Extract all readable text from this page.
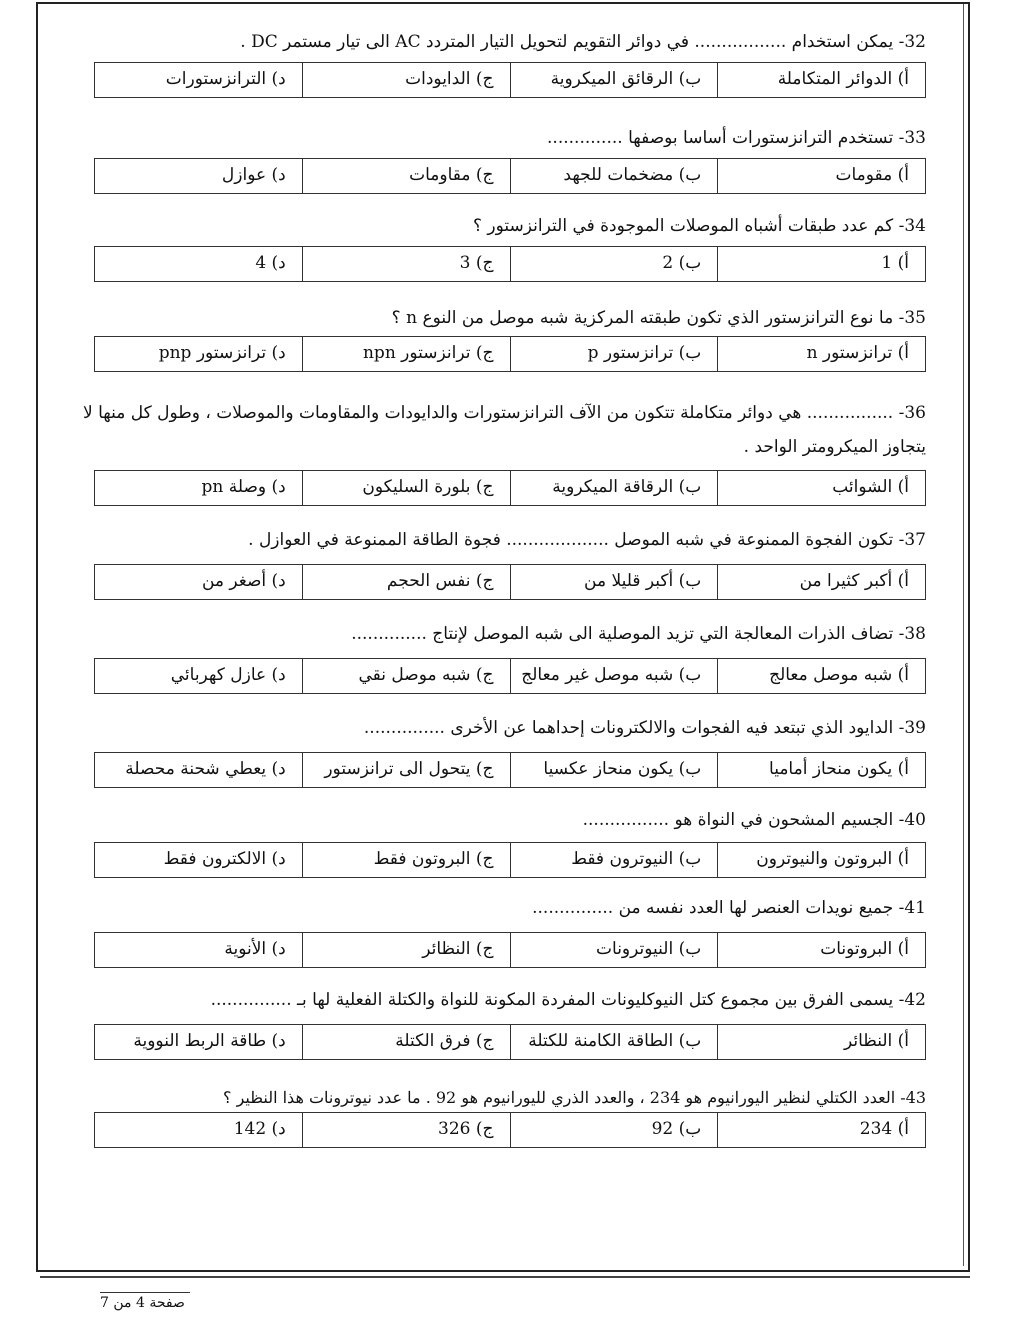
32- يمكن استخدام ................. في دوائر التقويم لتحويل التيار المتردد AC الى تيار مستمر DC .
أ) الدوائر المتكاملة
ب) الرقائق الميكروية
ج) الدايودات
د) الترانزستورات
33- تستخدم الترانزستورات أساسا بوصفها ..............
أ) مقومات
ب) مضخمات للجهد
ج) مقاومات
د) عوازل
34- كم عدد طبقات أشباه الموصلات الموجودة في الترانزستور ؟
أ) 1
ب) 2
ج) 3
د) 4
35- ما نوع الترانزستور الذي تكون طبقته المركزية شبه موصل من النوع n ؟
أ) ترانزستور n
ب) ترانزستور p
ج) ترانزستور npn
د) ترانزستور pnp
36- ................ هي دوائر متكاملة تتكون من الآف الترانزستورات والدايودات والمقاومات والموصلات ، وطول كل منها لا يتجاوز الميكرومتر الواحد .
أ) الشوائب
ب) الرقاقة الميكروية
ج) بلورة السليكون
د) وصلة pn
37- تكون الفجوة الممنوعة في شبه الموصل ................... فجوة الطاقة الممنوعة في العوازل .
أ) أكبر كثيرا من
ب) أكبر قليلا من
ج) نفس الحجم
د) أصغر من
38- تضاف الذرات المعالجة التي تزيد الموصلية الى شبه الموصل لإنتاج ..............
أ) شبه موصل معالج
ب) شبه موصل غير معالج
ج) شبه موصل نقي
د) عازل كهربائي
39- الدايود الذي تبتعد فيه الفجوات والالكترونات إحداهما عن الأخرى ...............
أ) يكون منحاز أماميا
ب) يكون منحاز عكسيا
ج) يتحول الى ترانزستور
د) يعطي شحنة محصلة
40- الجسيم المشحون في النواة هو ................
أ) البروتون والنيوترون
ب) النيوترون فقط
ج) البروتون فقط
د) الالكترون فقط
41- جميع نويدات العنصر لها العدد نفسه من ...............
أ) البروتونات
ب) النيوترونات
ج) النظائر
د) الأنوية
42- يسمى الفرق بين مجموع كتل النيوكليونات المفردة المكونة للنواة والكتلة الفعلية لها بـ ...............
أ) النظائر
ب) الطاقة الكامنة للكتلة
ج) فرق الكتلة
د) طاقة الربط النووية
43- العدد الكتلي لنظير اليورانيوم هو 234 ، والعدد الذري لليورانيوم هو 92 . ما عدد نيوترونات هذا النظير ؟
أ) 234
ب) 92
ج) 326
د) 142
صفحة 4 من 7
